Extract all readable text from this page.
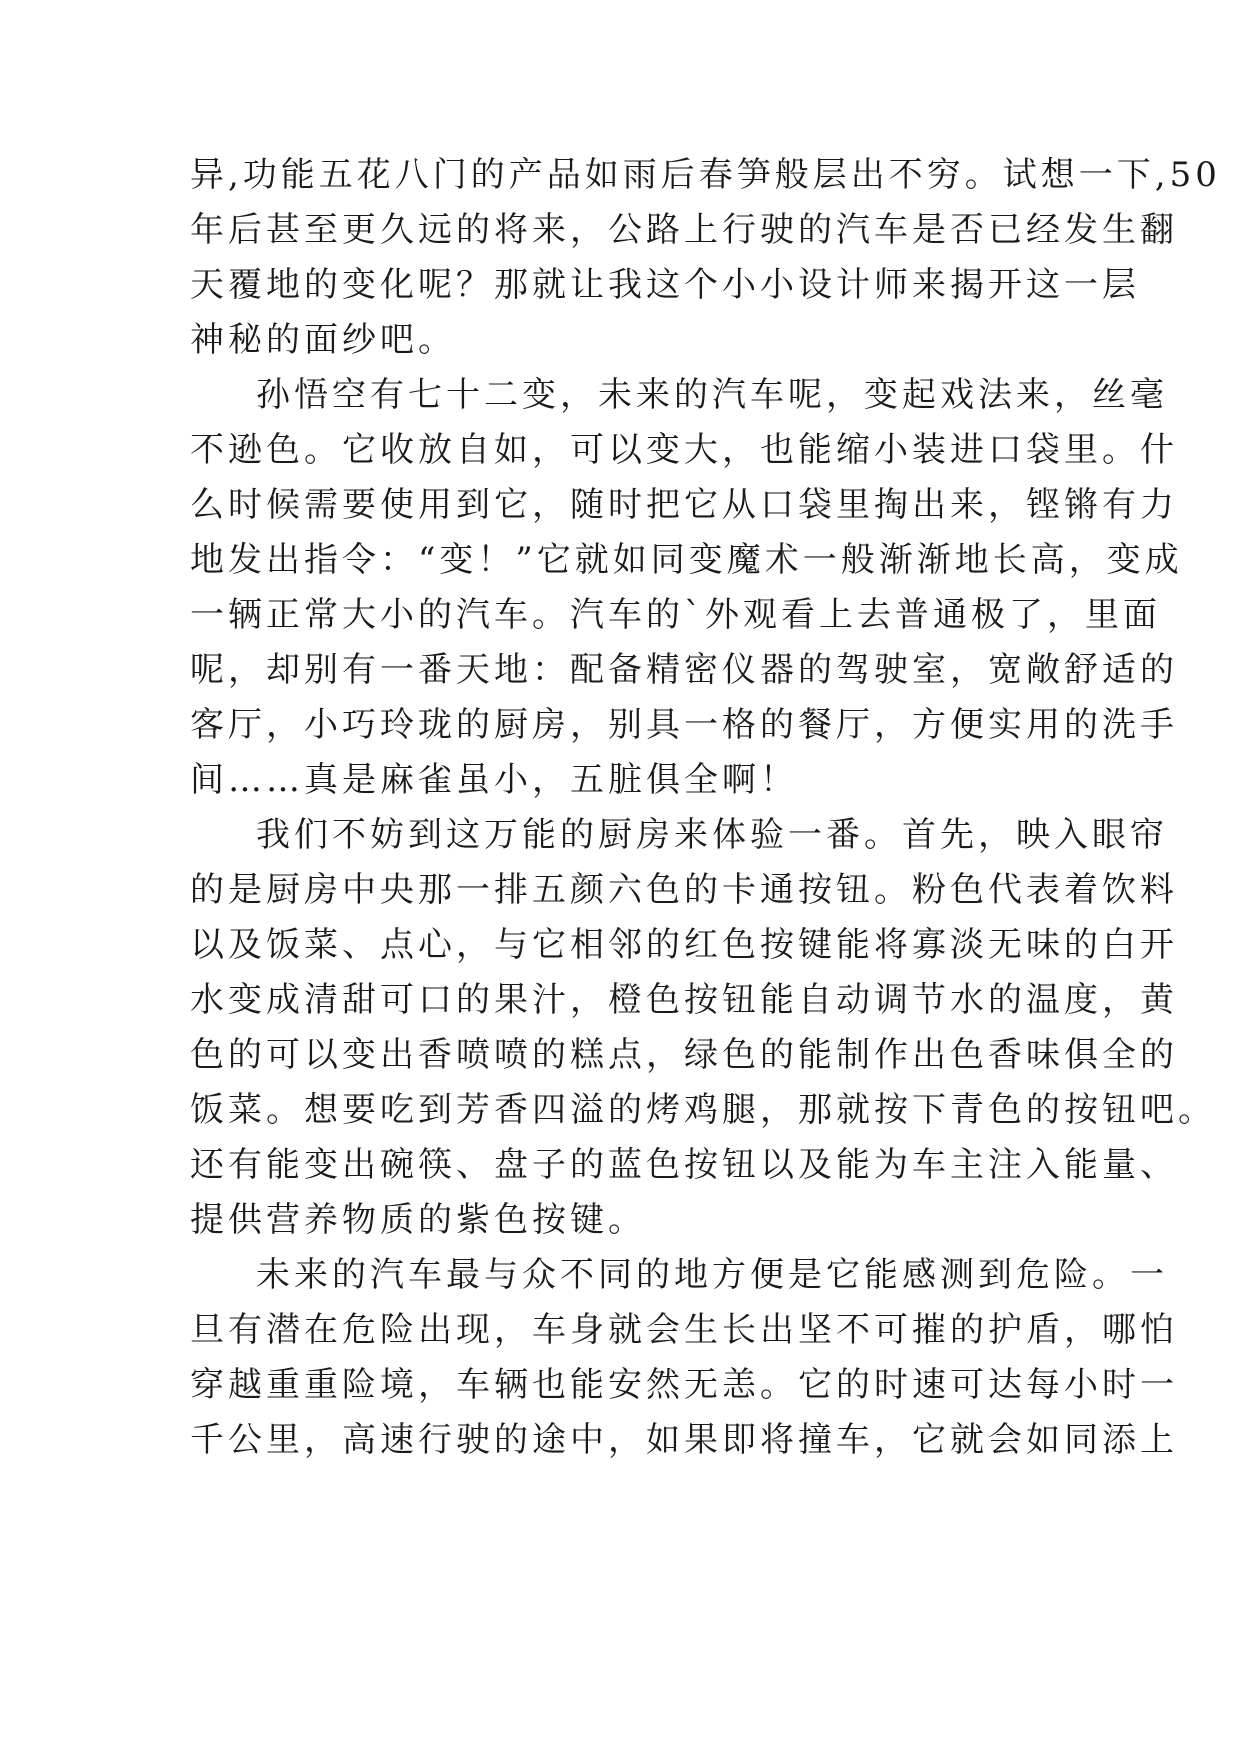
异,功能五花八门的产品如雨后春笋般层出不穷。试想一下,50
年后甚至更久远的将来，公路上行驶的汽车是否已经发生翻
天覆地的变化呢？那就让我这个小小设计师来揭开这一层
神秘的面纱吧。
孙悟空有七十二变，未来的汽车呢，变起戏法来，丝毫
不逊色。它收放自如，可以变大，也能缩小装进口袋里。什
么时候需要使用到它，随时把它从口袋里掏出来，铿锵有力
地发出指令：“变！”它就如同变魔术一般渐渐地长高，变成
一辆正常大小的汽车。汽车的`外观看上去普通极了，里面
呢，却别有一番天地：配备精密仪器的驾驶室，宽敞舒适的
客厅，小巧玲珑的厨房，别具一格的餐厅，方便实用的洗手
间……真是麻雀虽小，五脏俱全啊！
我们不妨到这万能的厨房来体验一番。首先，映入眼帘
的是厨房中央那一排五颜六色的卡通按钮。粉色代表着饮料
以及饭菜、点心，与它相邻的红色按键能将寡淡无味的白开
水变成清甜可口的果汁，橙色按钮能自动调节水的温度，黄
色的可以变出香喷喷的糕点，绿色的能制作出色香味俱全的
饭菜。想要吃到芳香四溢的烤鸡腿，那就按下青色的按钮吧。
还有能变出碗筷、盘子的蓝色按钮以及能为车主注入能量、
提供营养物质的紫色按键。
未来的汽车最与众不同的地方便是它能感测到危险。一
旦有潜在危险出现，车身就会生长出坚不可摧的护盾，哪怕
穿越重重险境，车辆也能安然无恙。它的时速可达每小时一
千公里，高速行驶的途中，如果即将撞车，它就会如同添上
